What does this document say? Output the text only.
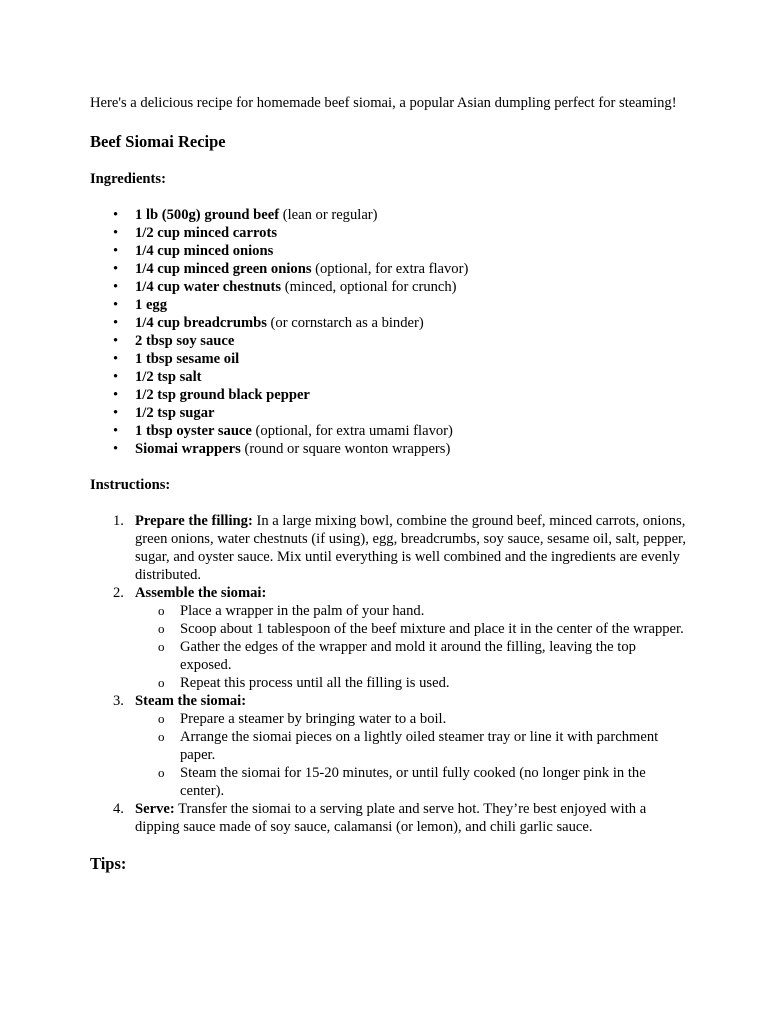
Here's a delicious recipe for homemade beef siomai, a popular Asian dumpling perfect for steaming!

Beef Siomai Recipe

Ingredients:

• 1 lb (500g) ground beef (lean or regular)
• 1/2 cup minced carrots
• 1/4 cup minced onions
• 1/4 cup minced green onions (optional, for extra flavor)
• 1/4 cup water chestnuts (minced, optional for crunch)
• 1 egg
• 1/4 cup breadcrumbs (or cornstarch as a binder)
• 2 tbsp soy sauce
• 1 tbsp sesame oil
• 1/2 tsp salt
• 1/2 tsp ground black pepper
• 1/2 tsp sugar
• 1 tbsp oyster sauce (optional, for extra umami flavor)
• Siomai wrappers (round or square wonton wrappers)

Instructions:

1. Prepare the filling: In a large mixing bowl, combine the ground beef, minced carrots, onions, green onions, water chestnuts (if using), egg, breadcrumbs, soy sauce, sesame oil, salt, pepper, sugar, and oyster sauce. Mix until everything is well combined and the ingredients are evenly distributed.
2. Assemble the siomai:
o Place a wrapper in the palm of your hand.
o Scoop about 1 tablespoon of the beef mixture and place it in the center of the wrapper.
o Gather the edges of the wrapper and mold it around the filling, leaving the top exposed.
o Repeat this process until all the filling is used.
3. Steam the siomai:
o Prepare a steamer by bringing water to a boil.
o Arrange the siomai pieces on a lightly oiled steamer tray or line it with parchment paper.
o Steam the siomai for 15-20 minutes, or until fully cooked (no longer pink in the center).
4. Serve: Transfer the siomai to a serving plate and serve hot. They’re best enjoyed with a dipping sauce made of soy sauce, calamansi (or lemon), and chili garlic sauce.

Tips:
